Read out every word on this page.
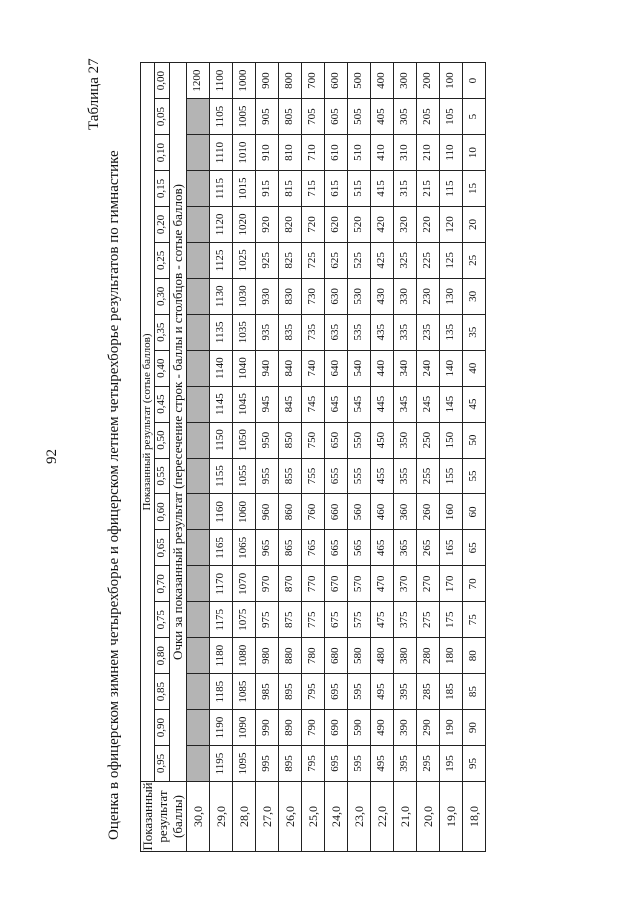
92
Таблица 27
Оценка в офицерском зимнем четырехборье и офицерском летнем четырехборье результатов по гимнастике Показанный результат (баллы)	Показанный результат (сотые баллов)																			
	0,95	0,90	0,85	0,80	0,75	0,70	0,65	0,60	0,55	0,50	0,45	0,40	0,35	0,30	0,25	0,20	0,15	0,10	0,05	0,00
	Очки за показанный результат (пересечение строк - баллы и столбцов - сотые баллов)																			
30,0																				1200
29,0	1195	1190	1185	1180	1175	1170	1165	1160	1155	1150	1145	1140	1135	1130	1125	1120	1115	1110	1105	1100
28,0	1095	1090	1085	1080	1075	1070	1065	1060	1055	1050	1045	1040	1035	1030	1025	1020	1015	1010	1005	1000
27,0	995	990	985	980	975	970	965	960	955	950	945	940	935	930	925	920	915	910	905	900
26,0	895	890	895	880	875	870	865	860	855	850	845	840	835	830	825	820	815	810	805	800
25,0	795	790	795	780	775	770	765	760	755	750	745	740	735	730	725	720	715	710	705	700
24,0	695	690	695	680	675	670	665	660	655	650	645	640	635	630	625	620	615	610	605	600
23,0	595	590	595	580	575	570	565	560	555	550	545	540	535	530	525	520	515	510	505	500
22,0	495	490	495	480	475	470	465	460	455	450	445	440	435	430	425	420	415	410	405	400
21,0	395	390	395	380	375	370	365	360	355	350	345	340	335	330	325	320	315	310	305	300
20,0	295	290	285	280	275	270	265	260	255	250	245	240	235	230	225	220	215	210	205	200
19,0	195	190	185	180	175	170	165	160	155	150	145	140	135	130	125	120	115	110	105	100
18,0	95	90	85	80	75	70	65	60	55	50	45	40	35	30	25	20	15	10	5	0
